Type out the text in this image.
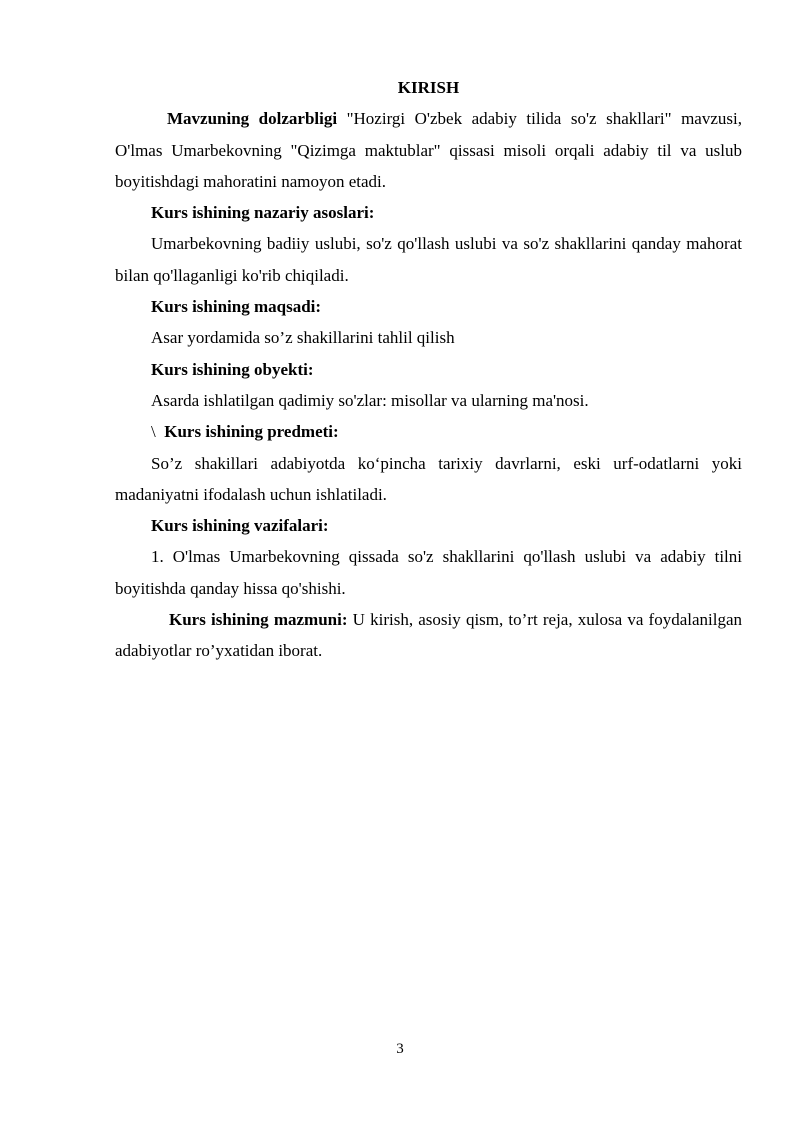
KIRISH

Mavzuning dolzarbligi "Hozirgi O'zbek adabiy tilida so'z shakllari" mavzusi, O'lmas Umarbekovning "Qizimga maktublar" qissasi misoli orqali adabiy til va uslub boyitishdagi mahoratini namoyon etadi.

Kurs ishining nazariy asoslari:

Umarbekovning badiiy uslubi, so'z qo'llash uslubi va so'z shakllarini qanday mahorat bilan qo'llaganligi ko'rib chiqiladi.

Kurs ishining maqsadi:

Asar yordamida so’z shakillarini tahlil qilish

Kurs ishining obyekti:

Asarda ishlatilgan qadimiy so'zlar: misollar va ularning ma'nosi.

\ Kurs ishining predmeti:

So’z shakillari adabiyotda ko‘pincha tarixiy davrlarni, eski urf-odatlarni yoki madaniyatni ifodalash uchun ishlatiladi.

Kurs ishining vazifalari:

1. O'lmas Umarbekovning qissada so'z shakllarini qo'llash uslubi va adabiy tilni boyitishda qanday hissa qo'shishi.

Kurs ishining mazmuni: U kirish, asosiy qism, to’rt reja, xulosa va foydalanilgan adabiyotlar ro’yxatidan iborat.

3
